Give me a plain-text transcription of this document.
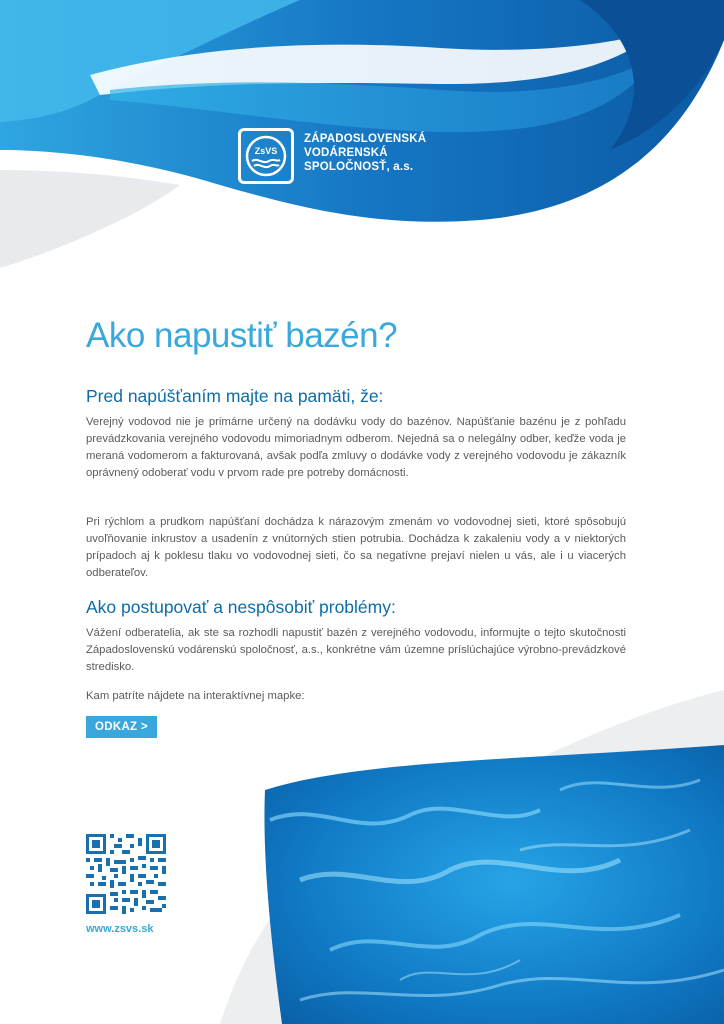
ZsVS
ZÁPADOSLOVENSKÁ
VODÁRENSKÁ
SPOLOČNOSŤ, a.s.
Ako napustiť bazén?
Pred napúšťaním majte na pamäti, že:

Verejný vodovod nie je primárne určený na dodávku vody do bazénov. Napúšťanie bazénu je z pohľadu prevádzkovania verejného vodovodu mimoriadnym odberom. Nejedná sa o nelegálny odber, keďže voda je meraná vodomerom a fakturovaná, avšak podľa zmluvy o dodávke vody z verejného vodovodu je zákazník oprávnený odoberať vodu v prvom rade pre potreby domácnosti.

Pri rýchlom a prudkom napúšťaní dochádza k nárazovým zmenám vo vodovodnej sieti, ktoré spôsobujú uvoľňovanie inkrustov a usadenín z vnútorných stien potrubia. Dochádza k zakaleniu vody a v niektorých prípadoch aj k poklesu tlaku vo vodovodnej sieti, čo sa negatívne prejaví nielen u vás, ale i u viacerých odberateľov.

Ako postupovať a nespôsobiť problémy:

Vážení odberatelia, ak ste sa rozhodli napustiť bazén z verejného vodovodu, informujte o tejto skutočnosti Západoslovenskú vodárenskú spoločnosť, a.s., konkrétne vám územne príslúchajúce výrobno-prevádzkové stredisko.

Kam patríte nájdete na interaktívnej mapke:

ODKAZ >
www.zsvs.sk
